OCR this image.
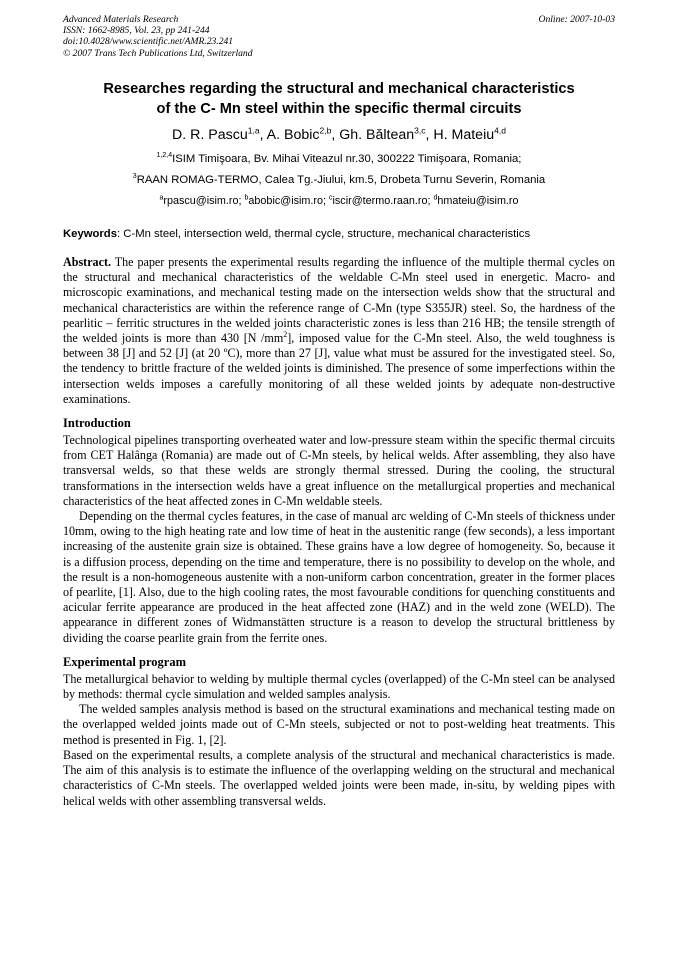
Advanced Materials Research
ISSN: 1662-8985, Vol. 23, pp 241-244
doi:10.4028/www.scientific.net/AMR.23.241
© 2007 Trans Tech Publications Ltd, Switzerland
Online: 2007-10-03
Researches regarding the structural and mechanical characteristics
of the C- Mn steel within the specific thermal circuits
D. R. Pascu$^{1,a}$, A. Bobic$^{2,b}$, Gh. Băltean$^{3,c}$, H. Mateiu$^{4,d}$
$^{1,2,4}$ISIM Timişoara, Bv. Mihai Viteazul nr.30, 300222 Timişoara, Romania;
$^3$RAAN ROMAG-TERMO, Calea Tg.-Jiului, km.5, Drobeta Turnu Severin, Romania
$^a$rpascu@isim.ro; $^b$abobic@isim.ro; $^c$iscir@termo.raan.ro; $^d$hmateiu@isim.ro
Keywords: C-Mn steel, intersection weld, thermal cycle, structure, mechanical characteristics

Abstract. The paper presents the experimental results regarding the influence of the multiple thermal cycles on the structural and mechanical characteristics of the weldable C-Mn steel used in energetic. Macro- and microscopic examinations, and mechanical testing made on the intersection welds show that the structural and mechanical characteristics are within the reference range of C-Mn (type S355JR) steel. So, the hardness of the pearlitic – ferritic structures in the welded joints characteristic zones is less than 216 HB; the tensile strength of the welded joints is more than 430 [N $/mm^2$], imposed value for the C-Mn steel. Also, the weld toughness is between 38 [J] and 52 [J] (at 20 ºC), more than 27 [J], value what must be assured for the investigated steel. So, the tendency to brittle fracture of the welded joints is diminished. The presence of some imperfections within the intersection welds imposes a carefully monitoring of all these welded joints by adequate non-destructive examinations.

Introduction

Technological pipelines transporting overheated water and low-pressure steam within the specific thermal circuits from CET Halânga (Romania) are made out of C-Mn steels, by helical welds. After assembling, they also have transversal welds, so that these welds are strongly thermal stressed. During the cooling, the structural transformations in the intersection welds have a great influence on the metallurgical properties and mechanical characteristics of the heat affected zones in C-Mn weldable steels.

Depending on the thermal cycles features, in the case of manual arc welding of C-Mn steels of thickness under 10mm, owing to the high heating rate and low time of heat in the austenitic range (few seconds), a less important increasing of the austenite grain size is obtained. These grains have a low degree of homogeneity. So, because it is a diffusion process, depending on the time and temperature, there is no possibility to develop on the whole, and the result is a non-homogeneous austenite with a non-uniform carbon concentration, greater in the former places of pearlite, [1]. Also, due to the high cooling rates, the most favourable conditions for quenching constituents and acicular ferrite appearance are produced in the heat affected zone (HAZ) and in the weld zone (WELD). The appearance in different zones of Widmanstätten structure is a reason to develop the structural brittleness by dividing the coarse pearlite grain from the ferrite ones.

Experimental program

The metallurgical behavior to welding by multiple thermal cycles (overlapped) of the C-Mn steel can be analysed by methods: thermal cycle simulation and welded samples analysis.

The welded samples analysis method is based on the structural examinations and mechanical testing made on the overlapped welded joints made out of C-Mn steels, subjected or not to post-welding heat treatments. This method is presented in Fig. 1, [2].

Based on the experimental results, a complete analysis of the structural and mechanical characteristics is made. The aim of this analysis is to estimate the influence of the overlapping welding on the structural and mechanical characteristics of C-Mn steels. The overlapped welded joints were been made, in-situ, by welding pipes with helical welds with other assembling transversal welds.
